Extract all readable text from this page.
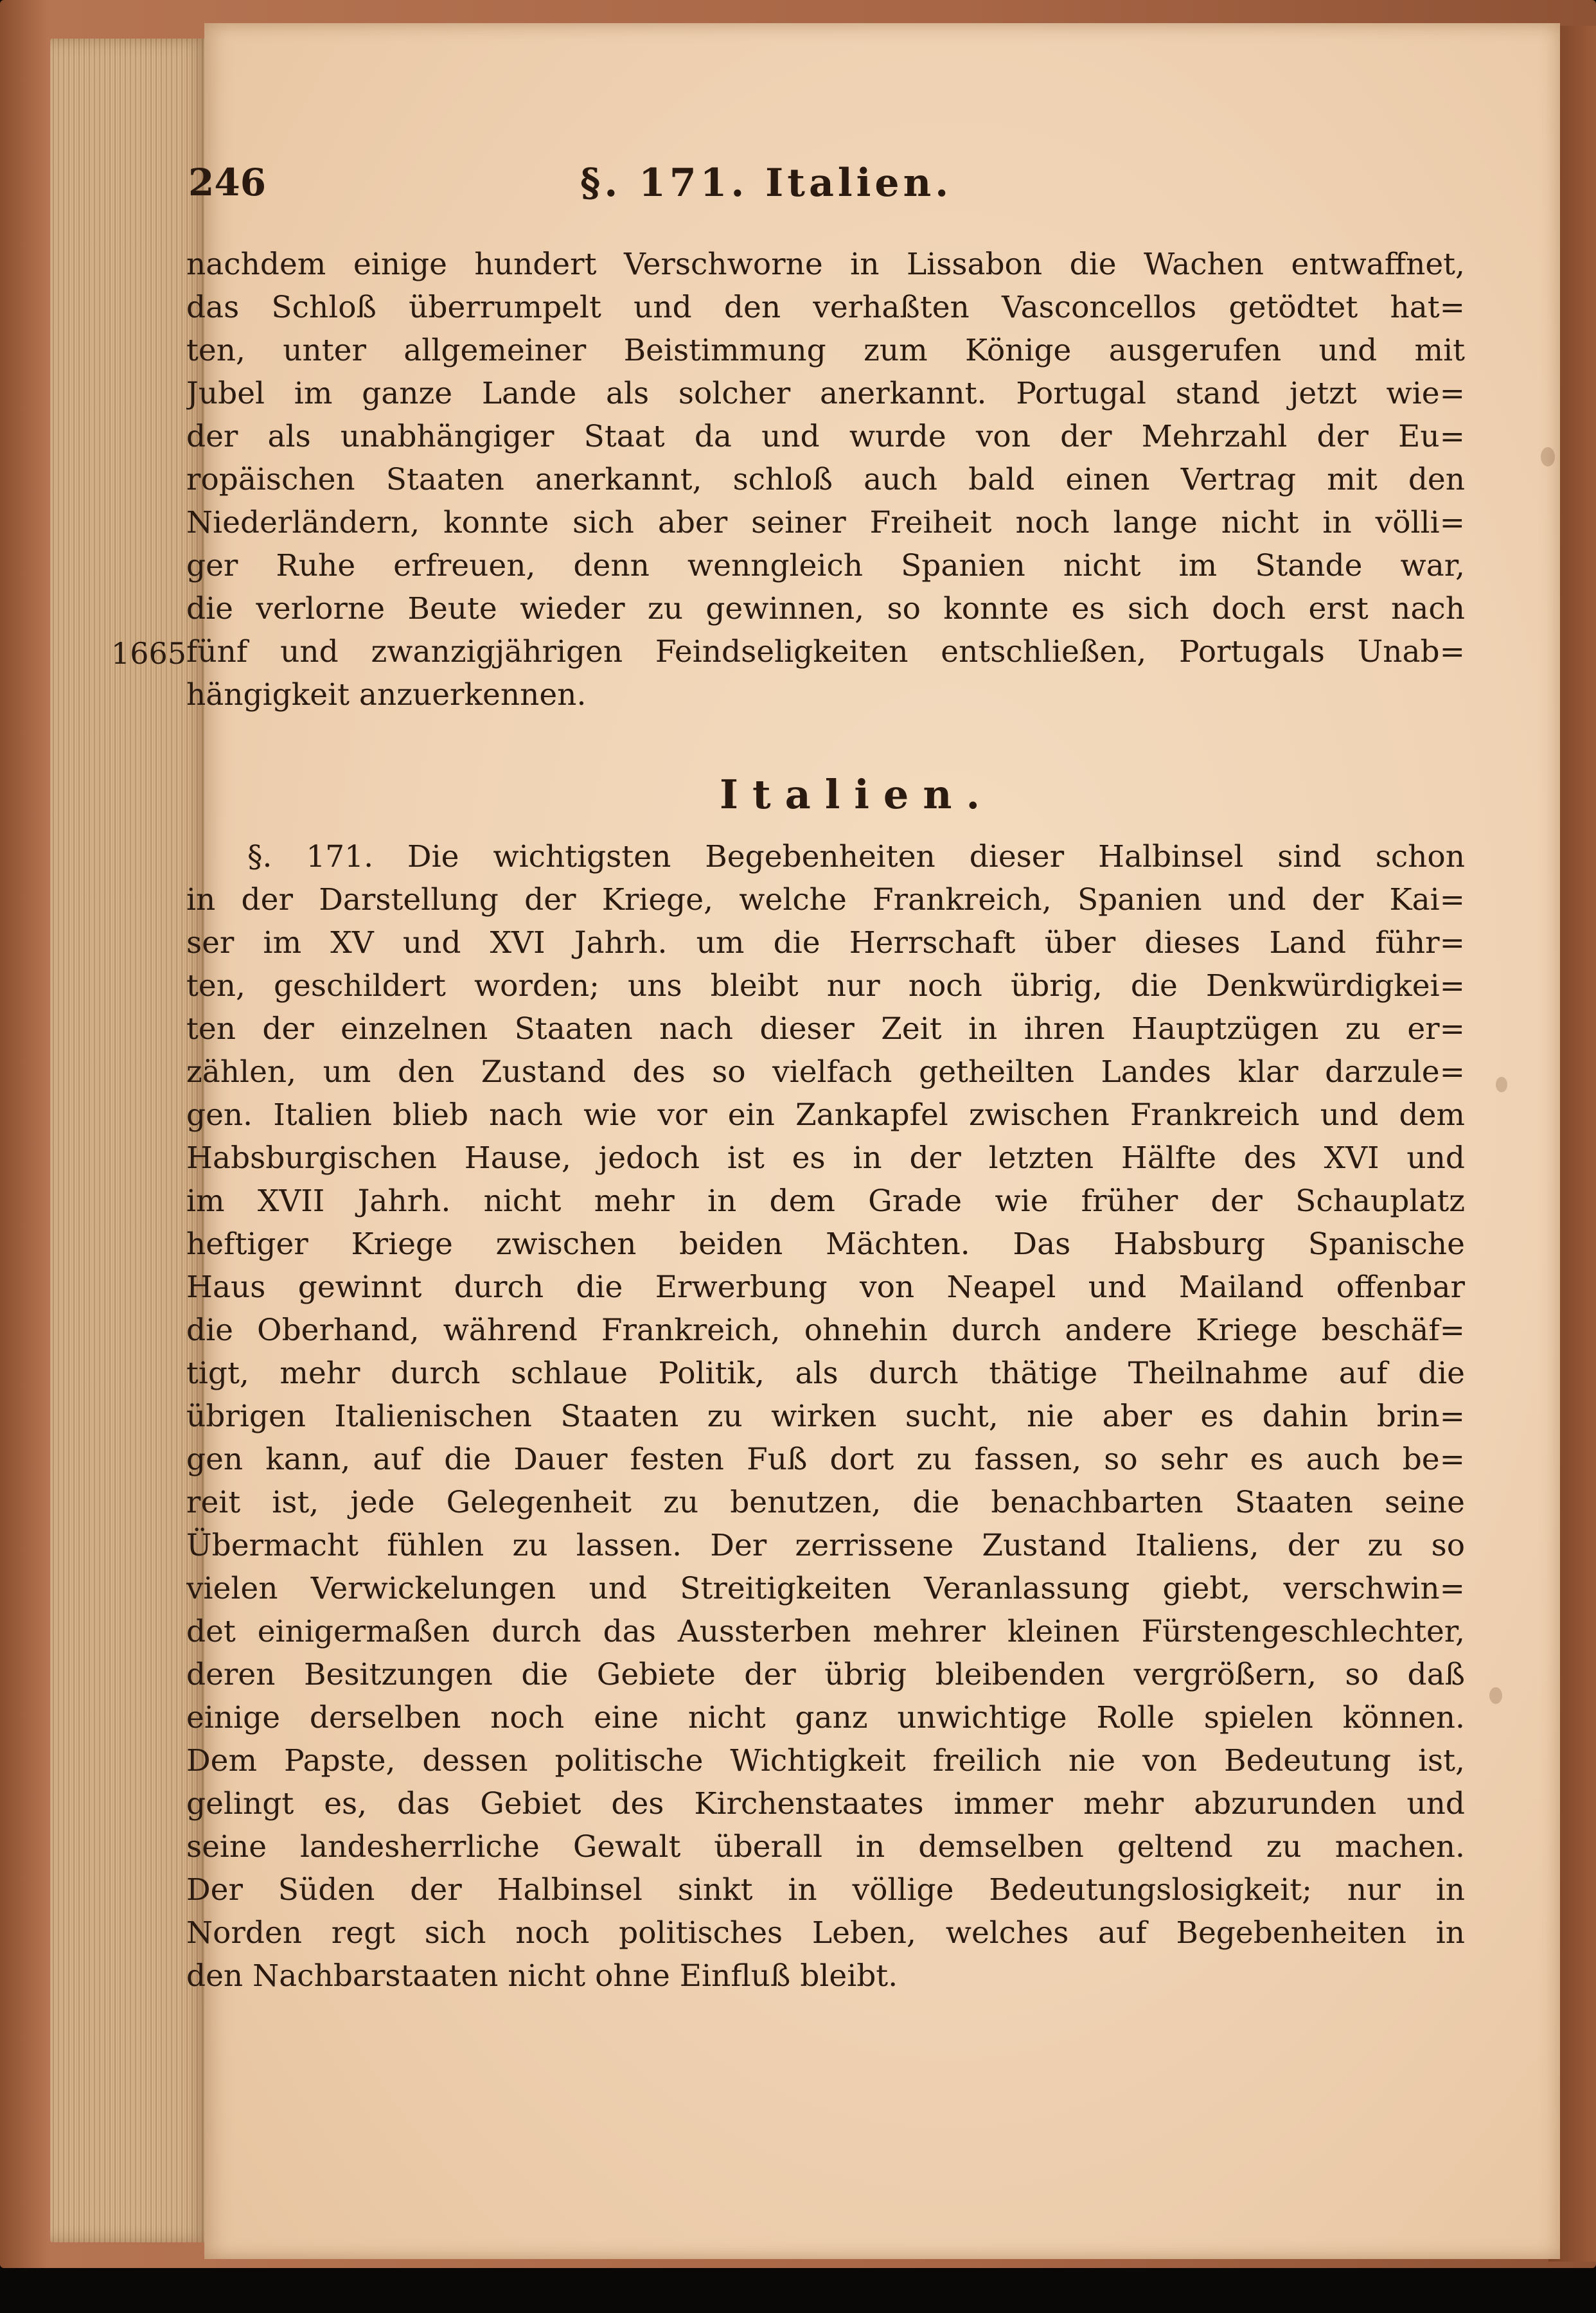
246	§. 171. Italien.
nachdem einige hundert Verschworne in Lissabon die Wachen entwaffnet,
das Schloß überrumpelt und den verhaßten Vasconcellos getödtet hat=
ten, unter allgemeiner Beistimmung zum Könige ausgerufen und mit
Jubel im ganze Lande als solcher anerkannt. Portugal stand jetzt wie=
der als unabhängiger Staat da und wurde von der Mehrzahl der Eu=
ropäischen Staaten anerkannt, schloß auch bald einen Vertrag mit den
Niederländern, konnte sich aber seiner Freiheit noch lange nicht in völli=
ger Ruhe erfreuen, denn wenngleich Spanien nicht im Stande war,
die verlorne Beute wieder zu gewinnen, so konnte es sich doch erst nach
fünf und zwanzigjährigen Feindseligkeiten entschließen, Portugals Unab=
hängigkeit anzuerkennen.
1665
Italien.
§. 171. Die wichtigsten Begebenheiten dieser Halbinsel sind schon
in der Darstellung der Kriege, welche Frankreich, Spanien und der Kai=
ser im XV und XVI Jahrh. um die Herrschaft über dieses Land führ=
ten, geschildert worden; uns bleibt nur noch übrig, die Denkwürdigkei=
ten der einzelnen Staaten nach dieser Zeit in ihren Hauptzügen zu er=
zählen, um den Zustand des so vielfach getheilten Landes klar darzule=
gen. Italien blieb nach wie vor ein Zankapfel zwischen Frankreich und dem
Habsburgischen Hause, jedoch ist es in der letzten Hälfte des XVI und
im XVII Jahrh. nicht mehr in dem Grade wie früher der Schauplatz
heftiger Kriege zwischen beiden Mächten. Das Habsburg Spanische
Haus gewinnt durch die Erwerbung von Neapel und Mailand offenbar
die Oberhand, während Frankreich, ohnehin durch andere Kriege beschäf=
tigt, mehr durch schlaue Politik, als durch thätige Theilnahme auf die
übrigen Italienischen Staaten zu wirken sucht, nie aber es dahin brin=
gen kann, auf die Dauer festen Fuß dort zu fassen, so sehr es auch be=
reit ist, jede Gelegenheit zu benutzen, die benachbarten Staaten seine
Übermacht fühlen zu lassen. Der zerrissene Zustand Italiens, der zu so
vielen Verwickelungen und Streitigkeiten Veranlassung giebt, verschwin=
det einigermaßen durch das Aussterben mehrer kleinen Fürstengeschlechter,
deren Besitzungen die Gebiete der übrig bleibenden vergrößern, so daß
einige derselben noch eine nicht ganz unwichtige Rolle spielen können.
Dem Papste, dessen politische Wichtigkeit freilich nie von Bedeutung ist,
gelingt es, das Gebiet des Kirchenstaates immer mehr abzurunden und
seine landesherrliche Gewalt überall in demselben geltend zu machen.
Der Süden der Halbinsel sinkt in völlige Bedeutungslosigkeit; nur in
Norden regt sich noch politisches Leben, welches auf Begebenheiten in
den Nachbarstaaten nicht ohne Einfluß bleibt.
